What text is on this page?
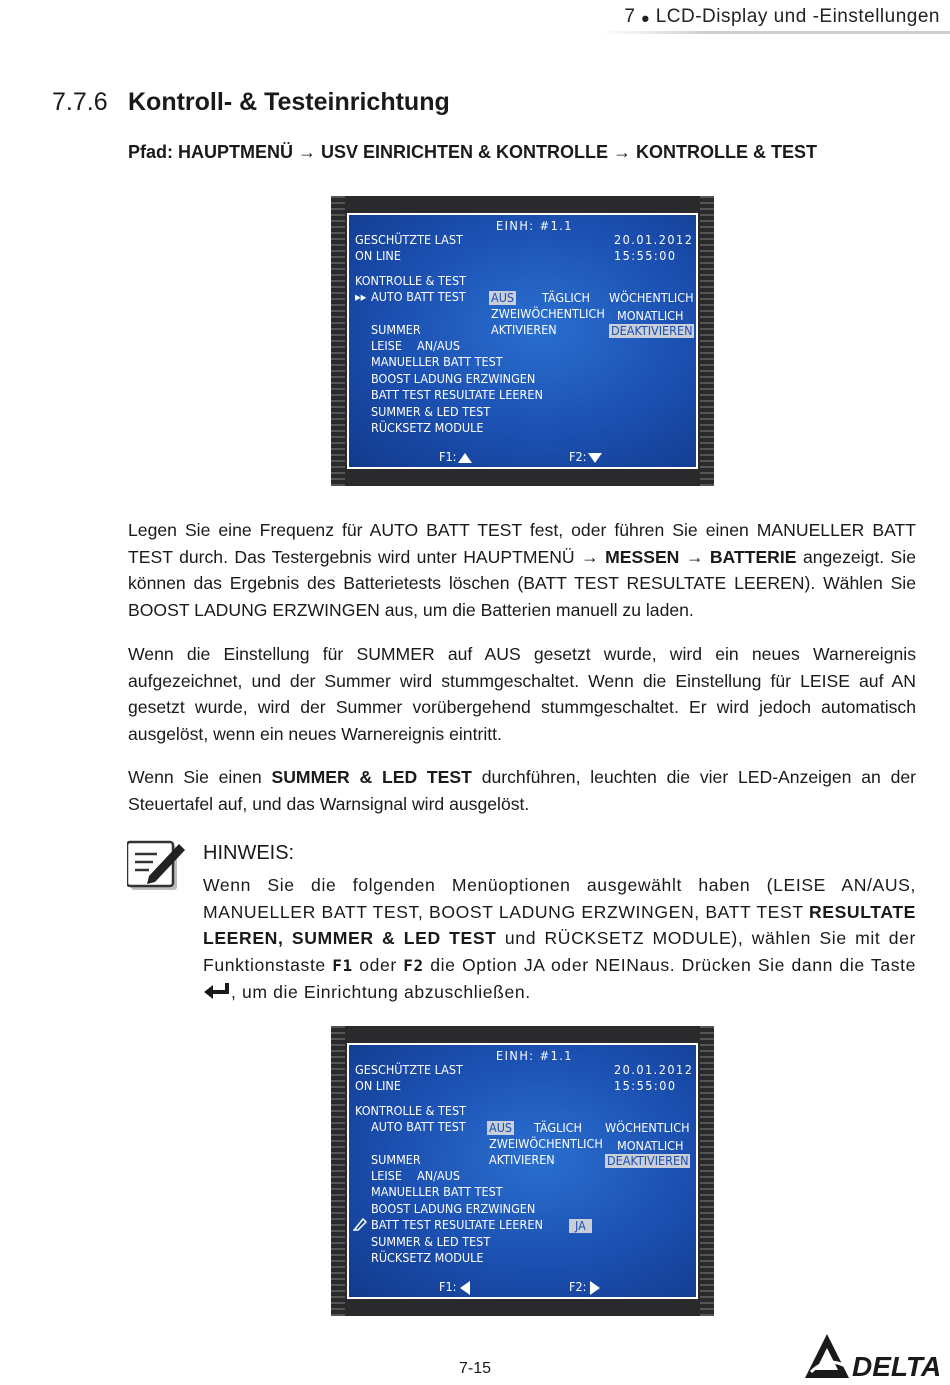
7 • LCD-Display und -Einstellungen
7.7.6 Kontroll- & Testeinrichtung
Pfad: HAUPTMENÜ → USV EINRICHTEN & KONTROLLE → KONTROLLE & TEST
EINH: #1.1
GESCHÜTZTE LAST	20.01.2012
ON LINE	15:55:00
KONTROLLE & TEST
▸▸ AUTO BATT TEST AUS TÄGLICH WÖCHENTLICH
ZWEIWÖCHENTLICH MONATLICH
SUMMER	AKTIVIEREN	DEAKTIVIEREN
LEISE AN/AUS
MANUELLER BATT TEST
BOOST LADUNG ERZWINGEN
BATT TEST RESULTATE LEEREN
SUMMER & LED TEST
RÜCKSETZ MODULE
F1:	F2:
Legen Sie eine Frequenz für AUTO BATT TEST fest, oder führen Sie einen MANUELLER BATT TEST durch. Das Testergebnis wird unter HAUPTMENÜ → MESSEN → BATTERIE angezeigt. Sie können das Ergebnis des Batterietests löschen (BATT TEST RESULTATE LEEREN). Wählen Sie BOOST LADUNG ERZWINGEN aus, um die Batterien manuell zu laden.
Wenn die Einstellung für SUMMER auf AUS gesetzt wurde, wird ein neues Warnereignis aufgezeichnet, und der Summer wird stummgeschaltet. Wenn die Einstellung für LEISE auf AN gesetzt wurde, wird der Summer vorübergehend stummgeschaltet. Er wird jedoch automatisch ausgelöst, wenn ein neues Warnereignis eintritt.
Wenn Sie einen SUMMER & LED TEST durchführen, leuchten die vier LED-Anzeigen an der Steuertafel auf, und das Warnsignal wird ausgelöst.
HINWEIS:
Wenn Sie die folgenden Menüoptionen ausgewählt haben (LEISE AN/AUS, MANUELLER BATT TEST, BOOST LADUNG ERZWINGEN, BATT TEST RESULTATE LEEREN, SUMMER & LED TEST und RÜCKSETZ MODULE), wählen Sie mit der Funktionstaste F1 oder F2 die Option JA oder NEINaus. Drücken Sie dann die Taste , um die Einrichtung abzuschließen.
EINH: #1.1
GESCHÜTZTE LAST	20.01.2012
ON LINE	15:55:00
KONTROLLE & TEST
AUTO BATT TEST AUS TÄGLICH WÖCHENTLICH
ZWEIWÖCHENTLICH MONATLICH
SUMMER	AKTIVIEREN	DEAKTIVIEREN
LEISE AN/AUS
MANUELLER BATT TEST
BOOST LADUNG ERZWINGEN
BATT TEST RESULTATE LEEREN	JA
SUMMER & LED TEST
RÜCKSETZ MODULE
F1:	F2:
7-15	DELTA
